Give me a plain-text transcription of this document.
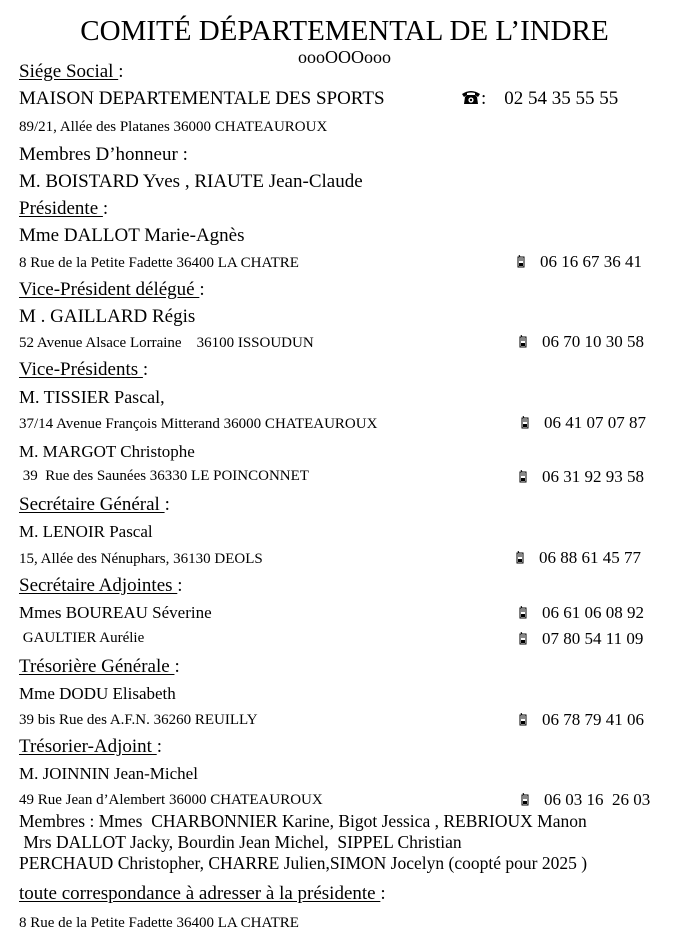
COMITÉ DÉPARTEMENTAL DE L’INDRE
oooOOOooo
Siége Social :
MAISON DEPARTEMENTALE DES SPORTS	: 02 54 35 55 55
89/21, Allée des Platanes 36000 CHATEAUROUX
Membres D’honneur :
M. BOISTARD Yves , RIAUTE Jean-Claude
Présidente :
Mme DALLOT Marie-Agnès
8 Rue de la Petite Fadette 36400 LA CHATRE	06 16 67 36 41
Vice-Président délégué :
M . GAILLARD Régis
52 Avenue Alsace Lorraine    36100 ISSOUDUN	06 70 10 30 58
Vice-Présidents :
M. TISSIER Pascal,
37/14 Avenue François Mitterand 36000 CHATEAUROUX	06 41 07 07 87
M. MARGOT Christophe
39  Rue des Saunées 36330 LE POINCONNET	06 31 92 93 58
Secrétaire Général :
M. LENOIR Pascal
15, Allée des Nénuphars, 36130 DEOLS	06 88 61 45 77
Secrétaire Adjointes :
Mmes BOUREAU Séverine	06 61 06 08 92
GAULTIER Aurélie	07 80 54 11 09
Trésorière Générale :
Mme DODU Elisabeth
39 bis Rue des A.F.N. 36260 REUILLY	06 78 79 41 06
Trésorier-Adjoint :
M. JOINNIN Jean-Michel
49 Rue Jean d’Alembert 36000 CHATEAUROUX	06 03 16  26 03
Membres : Mmes  CHARBONNIER Karine, Bigot Jessica , REBRIOUX Manon
Mrs DALLOT Jacky, Bourdin Jean Michel,  SIPPEL Christian
PERCHAUD Christopher, CHARRE Julien,SIMON Jocelyn (coopté pour 2025 )
toute correspondance à adresser à la présidente :
8 Rue de la Petite Fadette 36400 LA CHATRE
